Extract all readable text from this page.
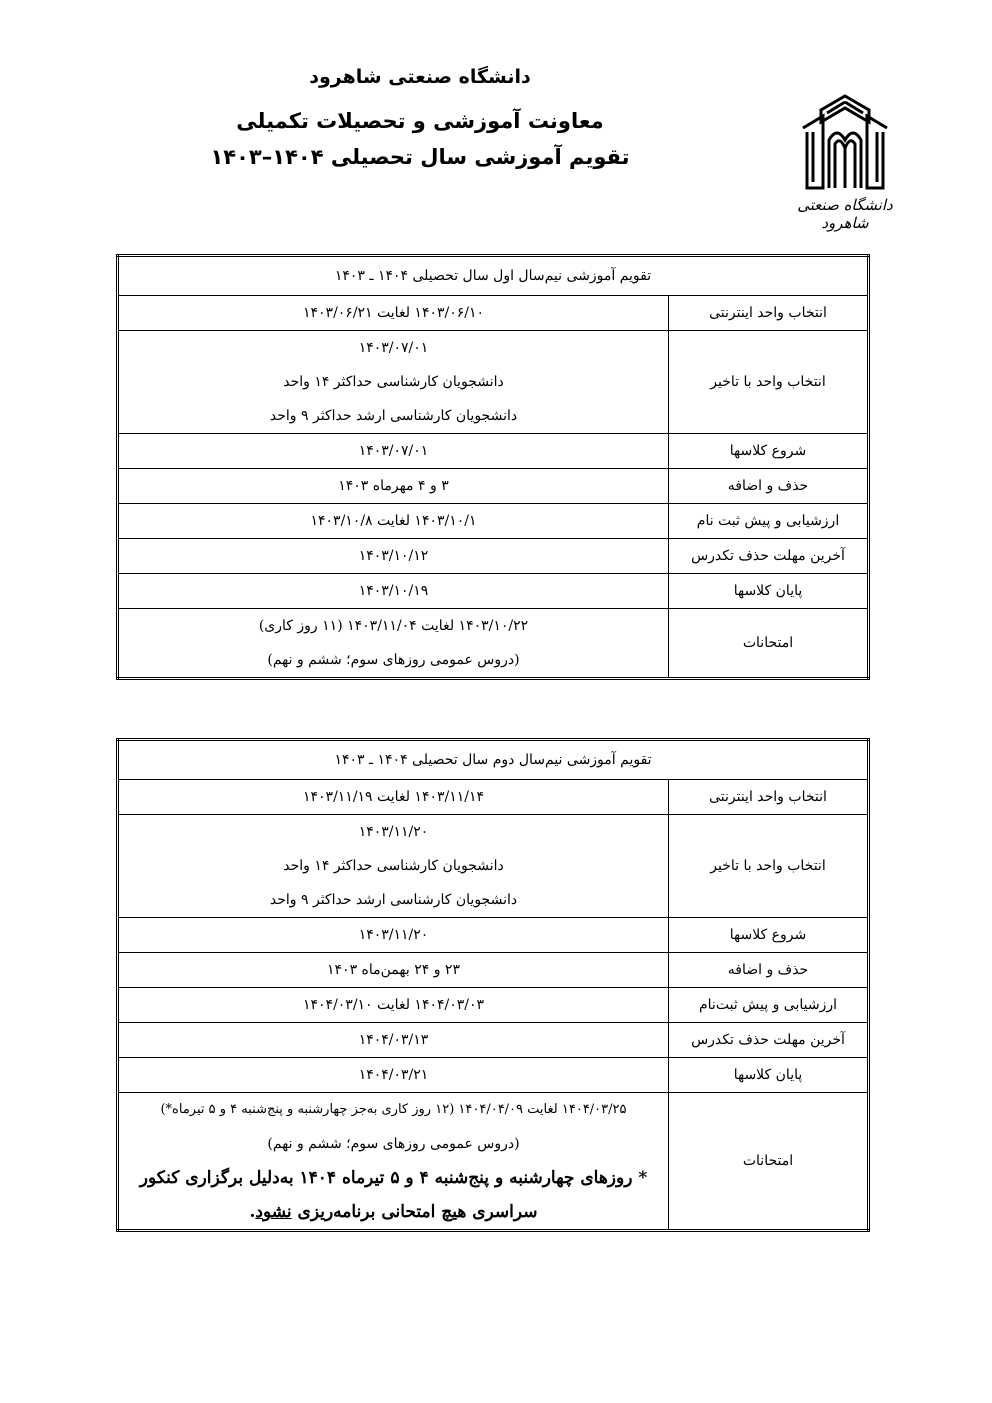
دانشگاه صنعتی شاهرود
معاونت آموزشی و تحصیلات تکمیلی
تقویم آموزشی سال تحصیلی ۱۴۰۴–۱۴۰۳
دانشگاه صنعتی شاهرود
تقویم آموزشی نیم‌سال اول سال تحصیلی ۱۴۰۴ ـ ۱۴۰۳	
انتخاب واحد اینترنتی	۱۴۰۳/۰۶/۱۰ لغایت ۱۴۰۳/۰۶/۲۱

انتخاب واحد با تاخیر	۱۴۰۳/۰۷/۰۱
دانشجویان کارشناسی حداکثر ۱۴ واحد
دانشجویان کارشناسی ارشد حداکثر ۹ واحد

شروع کلاسها	۱۴۰۳/۰۷/۰۱

حذف و اضافه	۳ و ۴ مهرماه ۱۴۰۳

ارزشیابی و پیش ثبت نام	۱۴۰۳/۱۰/۱ لغایت ۱۴۰۳/۱۰/۸

آخرین مهلت حذف تکدرس	۱۴۰۳/۱۰/۱۲

پایان کلاسها	۱۴۰۳/۱۰/۱۹

امتحانات	۱۴۰۳/۱۰/۲۲ لغایت ۱۴۰۳/۱۱/۰۴ (۱۱ روز کاری)
(دروس عمومی روزهای سوم؛ ششم و نهم)
تقویم آموزشی نیم‌سال دوم سال تحصیلی ۱۴۰۴ ـ ۱۴۰۳	
انتخاب واحد اینترنتی	۱۴۰۳/۱۱/۱۴ لغایت ۱۴۰۳/۱۱/۱۹

انتخاب واحد با تاخیر	۱۴۰۳/۱۱/۲۰
دانشجویان کارشناسی حداکثر ۱۴ واحد
دانشجویان کارشناسی ارشد حداکثر ۹ واحد

شروع کلاسها	۱۴۰۳/۱۱/۲۰

حذف و اضافه	۲۳ و ۲۴ بهمن‌ماه ۱۴۰۳

ارزشیابی و پیش ثبت‌نام	۱۴۰۴/۰۳/۰۳ لغایت ۱۴۰۴/۰۳/۱۰

آخرین مهلت حذف تکدرس	۱۴۰۴/۰۳/۱۳

پایان کلاسها	۱۴۰۴/۰۳/۲۱

امتحانات	۱۴۰۴/۰۳/۲۵ لغایت ۱۴۰۴/۰۴/۰۹ (۱۲ روز کاری به‌جز چهارشنبه و پنج‌شنبه ۴ و ۵ تیرماه*)
(دروس عمومی روزهای سوم؛ ششم و نهم)
* روزهای چهارشنبه و پنج‌شنبه ۴ و ۵ تیرماه ۱۴۰۴ به‌دلیل برگزاری کنکور
سراسری هیچ امتحانی برنامه‌ریزی نشود.
